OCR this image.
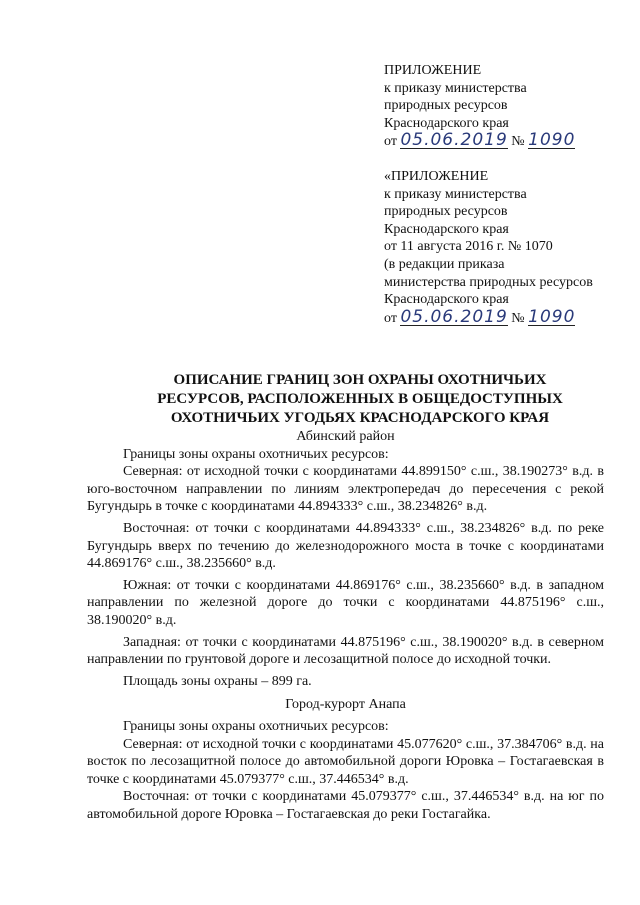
ПРИЛОЖЕНИЕ
к приказу министерства
природных ресурсов
Краснодарского края
от 05.06.2019 № 1090
«ПРИЛОЖЕНИЕ
к приказу министерства
природных ресурсов
Краснодарского края
от 11 августа 2016 г. № 1070
(в редакции приказа
министерства природных ресурсов
Краснодарского края
от 05.06.2019 № 1090
ОПИСАНИЕ ГРАНИЦ ЗОН ОХРАНЫ ОХОТНИЧЬИХ
РЕСУРСОВ, РАСПОЛОЖЕННЫХ В ОБЩЕДОСТУПНЫХ
ОХОТНИЧЬИХ УГОДЬЯХ КРАСНОДАРСКОГО КРАЯ
Абинский район

Границы зоны охраны охотничьих ресурсов:

Северная: от исходной точки с координатами 44.899150° с.ш., 38.190273° в.д. в юго-восточном направлении по линиям электропередач до пересечения с рекой Бугундырь в точке с координатами 44.894333° с.ш., 38.234826° в.д.

Восточная: от точки с координатами 44.894333° с.ш., 38.234826° в.д. по реке Бугундырь вверх по течению до железнодорожного моста в точке с координатами 44.869176° с.ш., 38.235660° в.д.

Южная: от точки с координатами 44.869176° с.ш., 38.235660° в.д. в западном направлении по железной дороге до точки с координатами 44.875196° с.ш., 38.190020° в.д.

Западная: от точки с координатами 44.875196° с.ш., 38.190020° в.д. в северном направлении по грунтовой дороге и лесозащитной полосе до исходной точки.

Площадь зоны охраны – 899 га.

Город-курорт Анапа

Границы зоны охраны охотничьих ресурсов:

Северная: от исходной точки с координатами 45.077620° с.ш., 37.384706° в.д. на восток по лесозащитной полосе до автомобильной дороги Юровка – Гостагаевская в точке с координатами 45.079377° с.ш., 37.446534° в.д.

Восточная: от точки с координатами 45.079377° с.ш., 37.446534° в.д. на юг по автомобильной дороге Юровка – Гостагаевская до реки Гостагайка.
